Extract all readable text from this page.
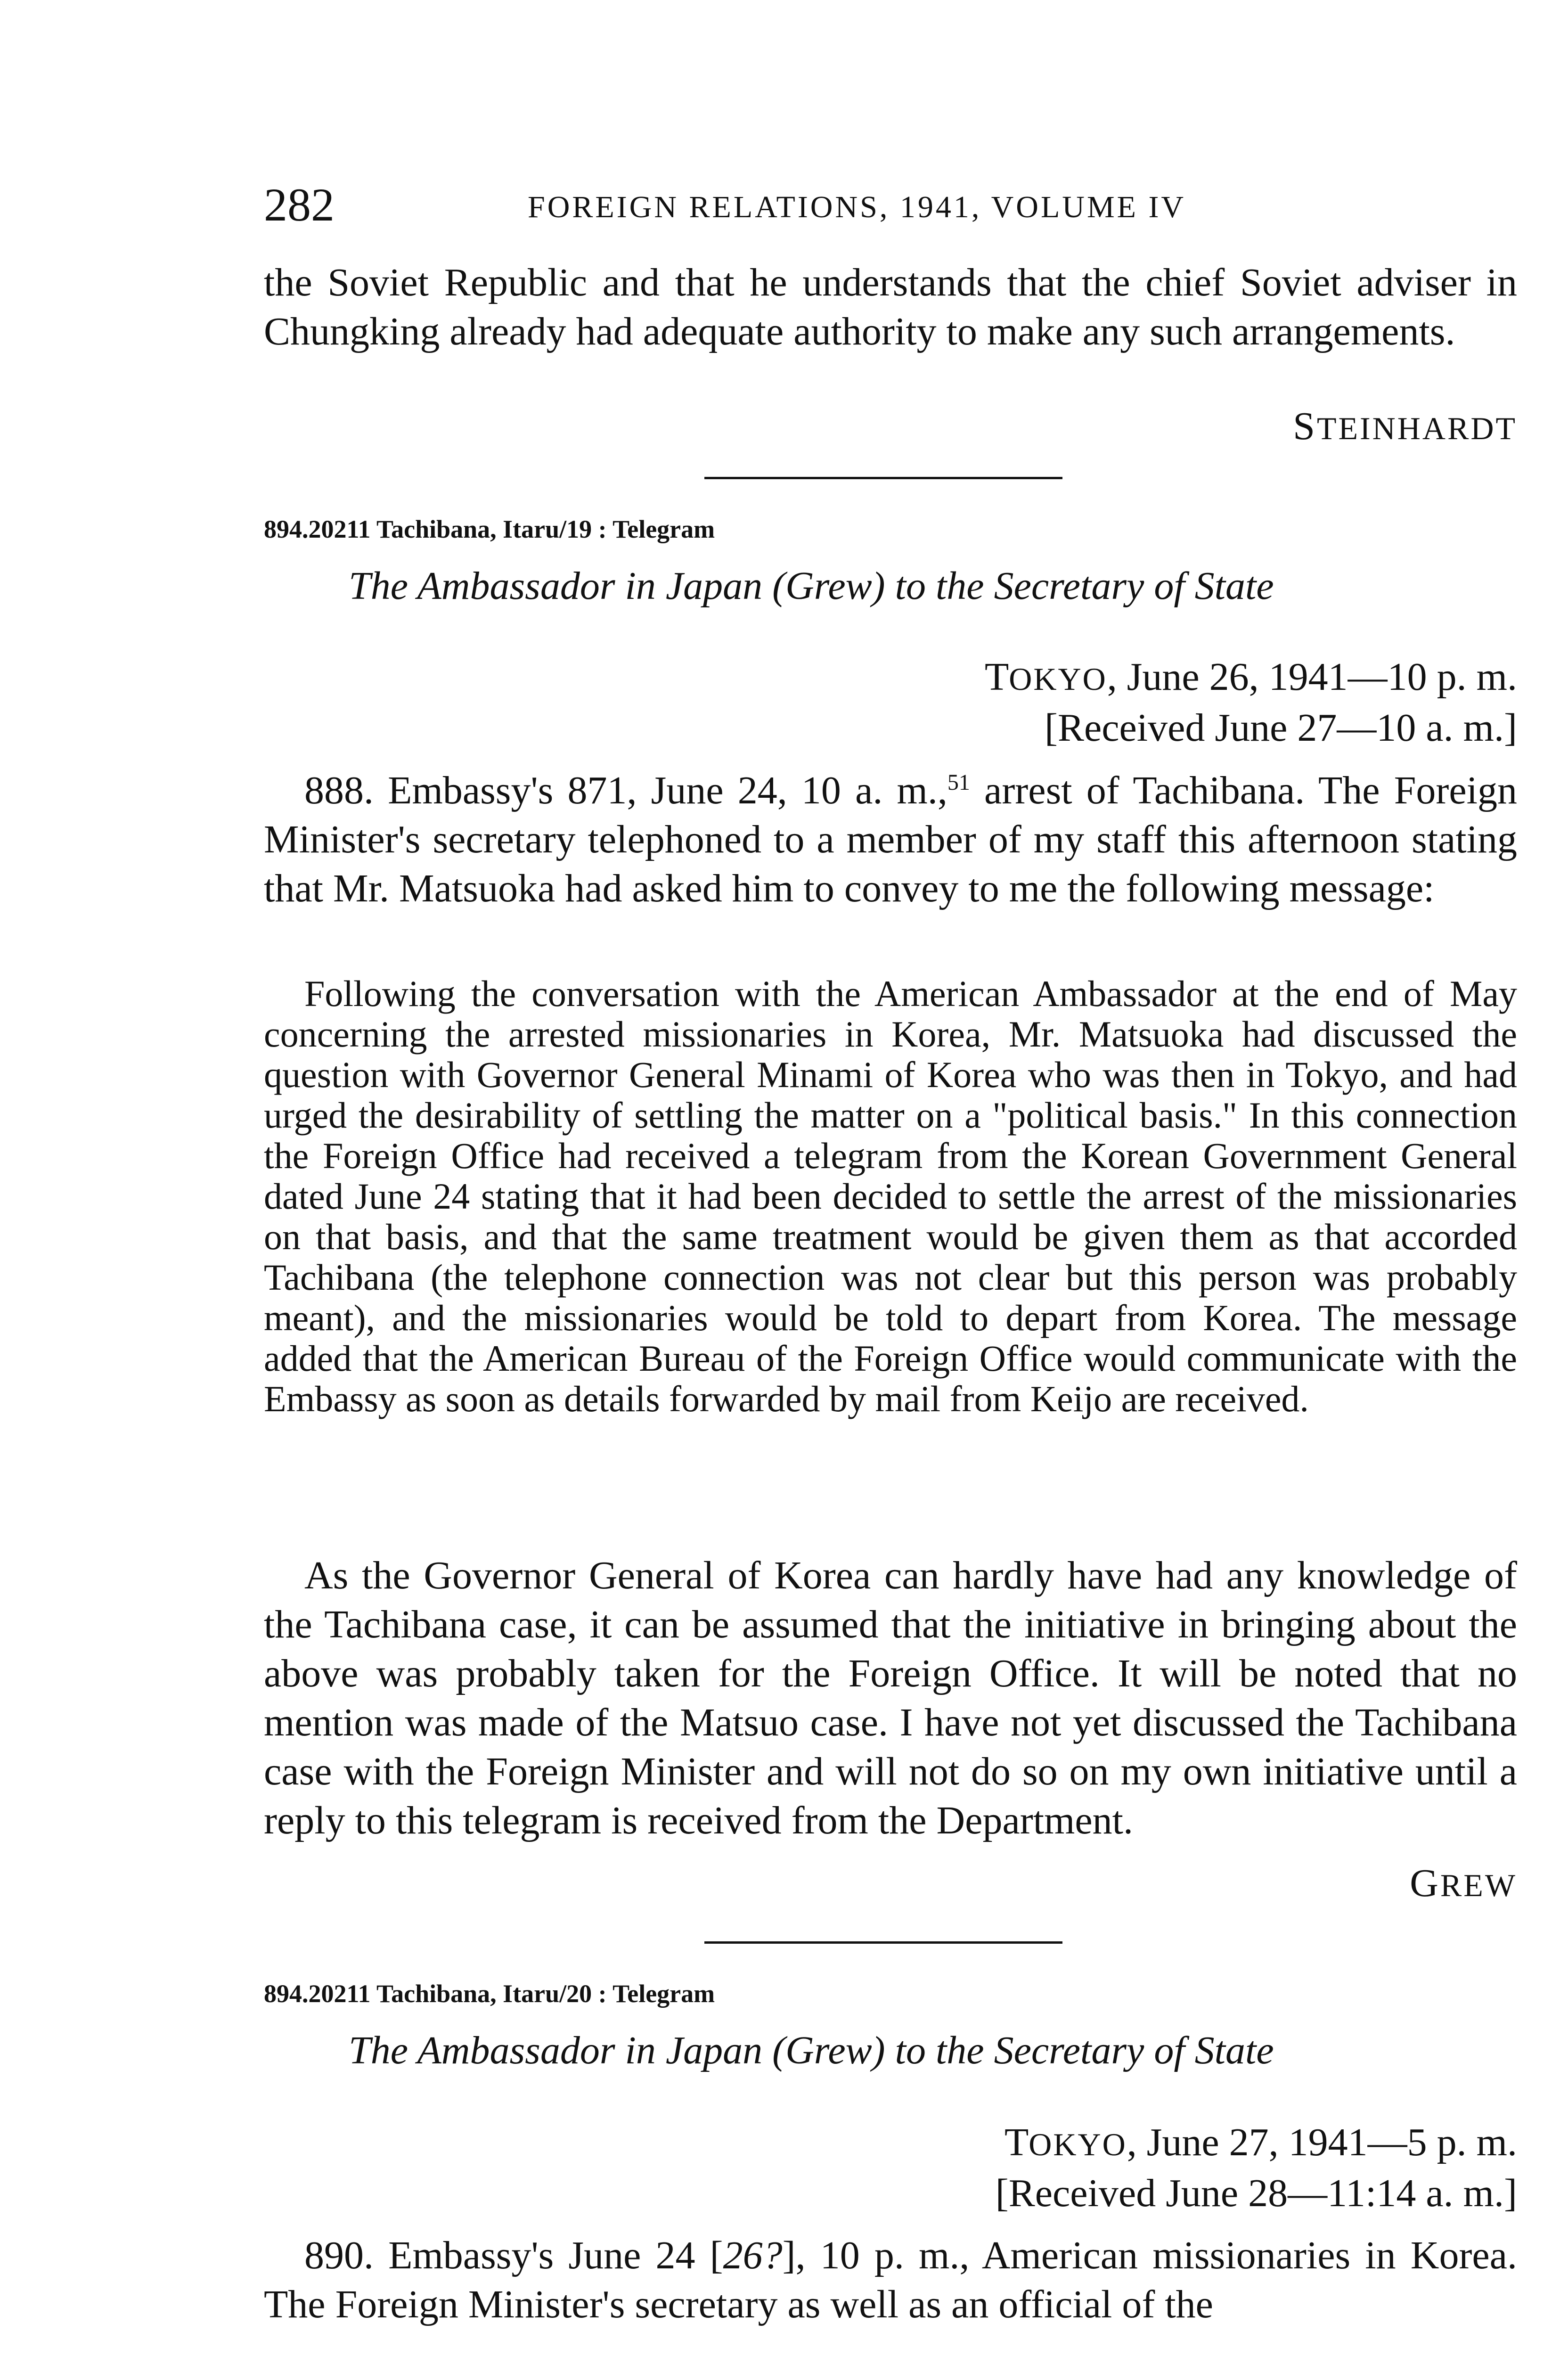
282	FOREIGN RELATIONS, 1941, VOLUME IV

the Soviet Republic and that he understands that the chief Soviet adviser in Chungking already had adequate authority to make any such arrangements.

STEINHARDT
894.20211 Tachibana, Itaru/19 : Telegram
The Ambassador in Japan (Grew) to the Secretary of State
TOKYO, June 26, 1941—10 p. m.
[Received June 27—10 a. m.]

888. Embassy's 871, June 24, 10 a. m.,$^{51}$ arrest of Tachibana. The Foreign Minister's secretary telephoned to a member of my staff this afternoon stating that Mr. Matsuoka had asked him to convey to me the following message:

Following the conversation with the American Ambassador at the end of May concerning the arrested missionaries in Korea, Mr. Matsuoka had discussed the question with Governor General Minami of Korea who was then in Tokyo, and had urged the desirability of settling the matter on a "political basis." In this connection the Foreign Office had received a telegram from the Korean Government General dated June 24 stating that it had been decided to settle the arrest of the missionaries on that basis, and that the same treatment would be given them as that accorded Tachibana (the telephone connection was not clear but this person was probably meant), and the missionaries would be told to depart from Korea. The message added that the American Bureau of the Foreign Office would communicate with the Embassy as soon as details forwarded by mail from Keijo are received.

As the Governor General of Korea can hardly have had any knowledge of the Tachibana case, it can be assumed that the initiative in bringing about the above was probably taken for the Foreign Office. It will be noted that no mention was made of the Matsuo case. I have not yet discussed the Tachibana case with the Foreign Minister and will not do so on my own initiative until a reply to this telegram is received from the Department.

GREW
894.20211 Tachibana, Itaru/20 : Telegram
The Ambassador in Japan (Grew) to the Secretary of State
TOKYO, June 27, 1941—5 p. m.
[Received June 28—11:14 a. m.]

890. Embassy's June 24 [26?], 10 p. m., American missionaries in Korea. The Foreign Minister's secretary as well as an official of the
